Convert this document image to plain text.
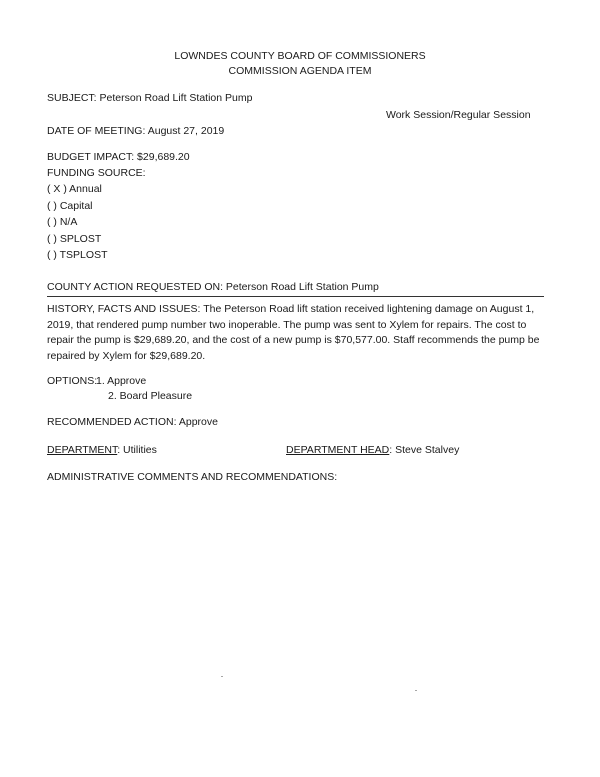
LOWNDES COUNTY BOARD OF COMMISSIONERS
COMMISSION AGENDA ITEM
SUBJECT: Peterson Road Lift Station Pump
Work Session/Regular Session
DATE OF MEETING: August 27, 2019
BUDGET IMPACT: $29,689.20
FUNDING SOURCE:
( X ) Annual
( ) Capital
( ) N/A
( ) SPLOST
( ) TSPLOST
COUNTY ACTION REQUESTED ON: Peterson Road Lift Station Pump
HISTORY, FACTS AND ISSUES: The Peterson Road lift station received lightening damage on August 1, 2019, that rendered pump number two inoperable. The pump was sent to Xylem for repairs. The cost to repair the pump is $29,689.20, and the cost of a new pump is $70,577.00. Staff recommends the pump be repaired by Xylem for $29,689.20.
OPTIONS:
1. Approve
2. Board Pleasure
RECOMMENDED ACTION: Approve
DEPARTMENT: Utilities	DEPARTMENT HEAD: Steve Stalvey
ADMINISTRATIVE COMMENTS AND RECOMMENDATIONS:
